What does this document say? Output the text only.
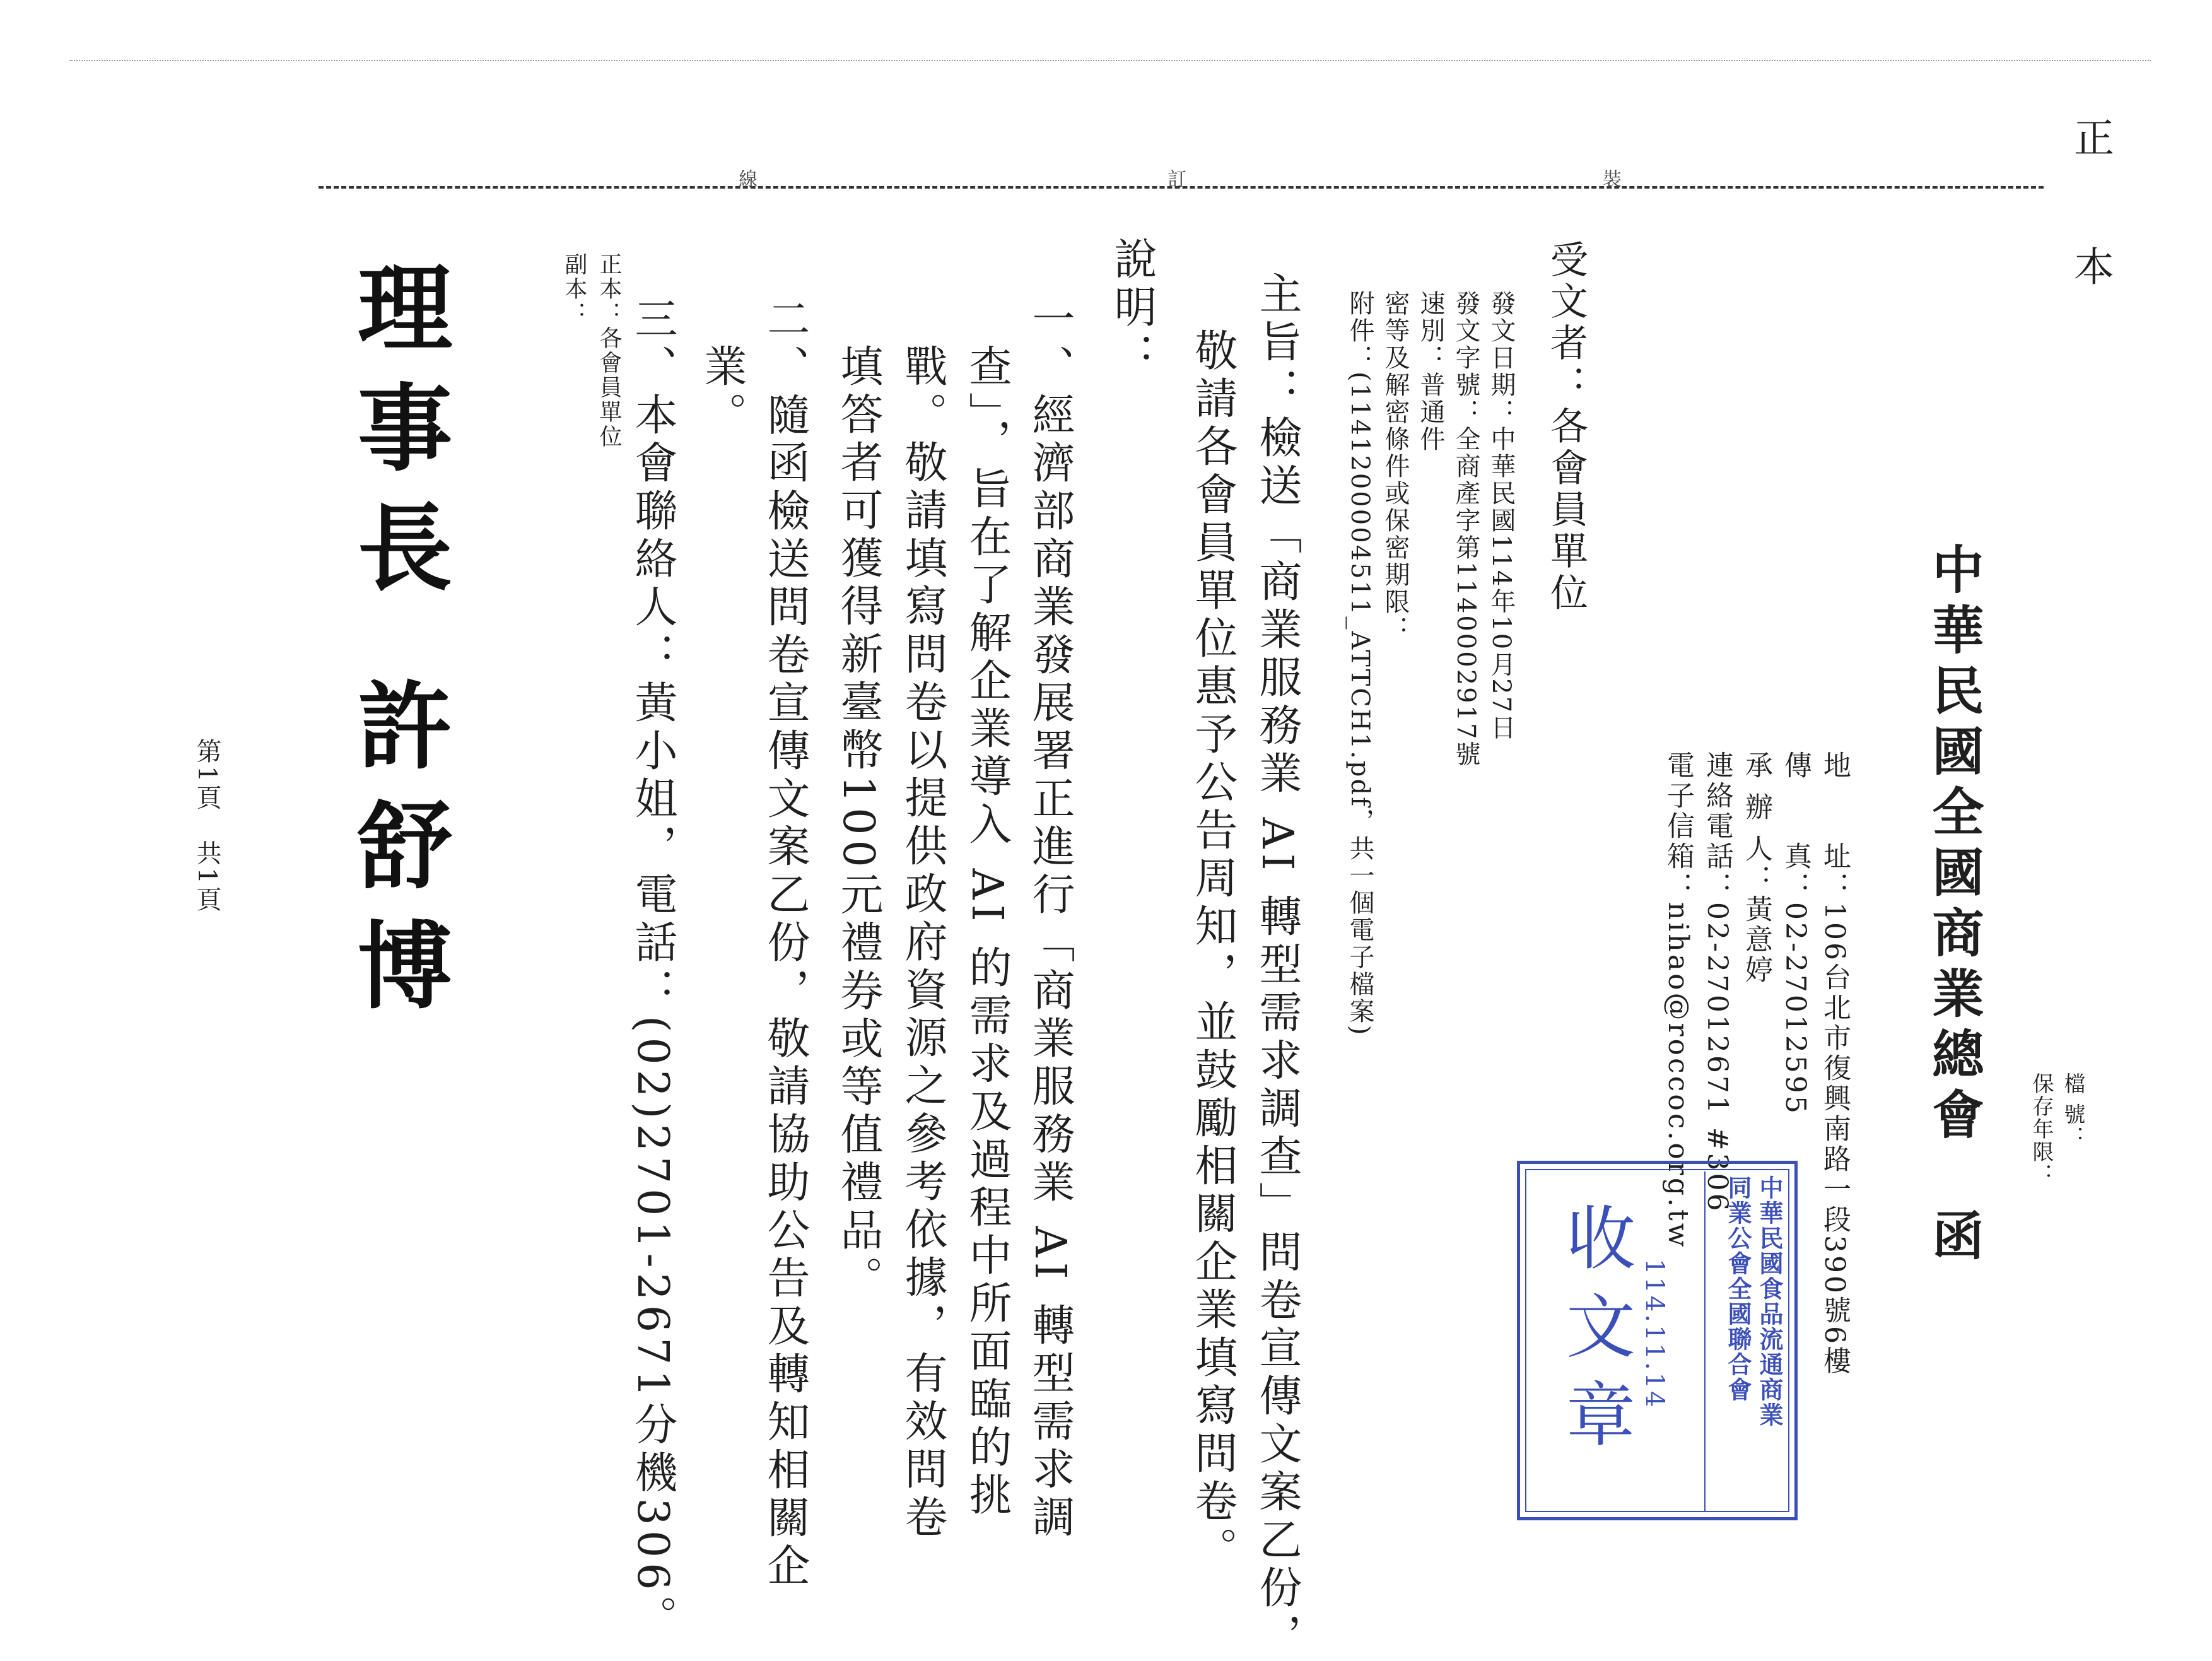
正 本
檔 號：
保存年限：
裝
訂
線
中華民國全國商業總會　函
地　　址：106台北市復興南路一段390號6樓
傳　　真：02-27012595
承 辦 人：黃意婷
連絡電話：02-27012671 #306
電子信箱：nihao@roccoc.org.tw
中華民國食品流通商業
同業公會全國聯合會
114.11.14
收文章
受文者：各會員單位
發文日期：中華民國114年10月27日
發文字號：全商產字第1140002917號
速別：普通件
密等及解密條件或保密期限：
附件：(1141200004511_ATTCH1.pdf，共一個電子檔案)
主旨：檢送「商業服務業 AI 轉型需求調查」問卷宣傳文案乙份，
敬請各會員單位惠予公告周知，並鼓勵相關企業填寫問卷。
說明：
一、經濟部商業發展署正進行「商業服務業 AI 轉型需求調
查」，旨在了解企業導入 AI 的需求及過程中所面臨的挑
戰。敬請填寫問卷以提供政府資源之參考依據，有效問卷
填答者可獲得新臺幣100元禮券或等值禮品。
二、隨函檢送問卷宣傳文案乙份，敬請協助公告及轉知相關企
業。
三、本會聯絡人：黃小姐，電話：(02)2701-2671分機306。
正本：各會員單位
副本：
理事長 許舒博
第1頁　共1頁
